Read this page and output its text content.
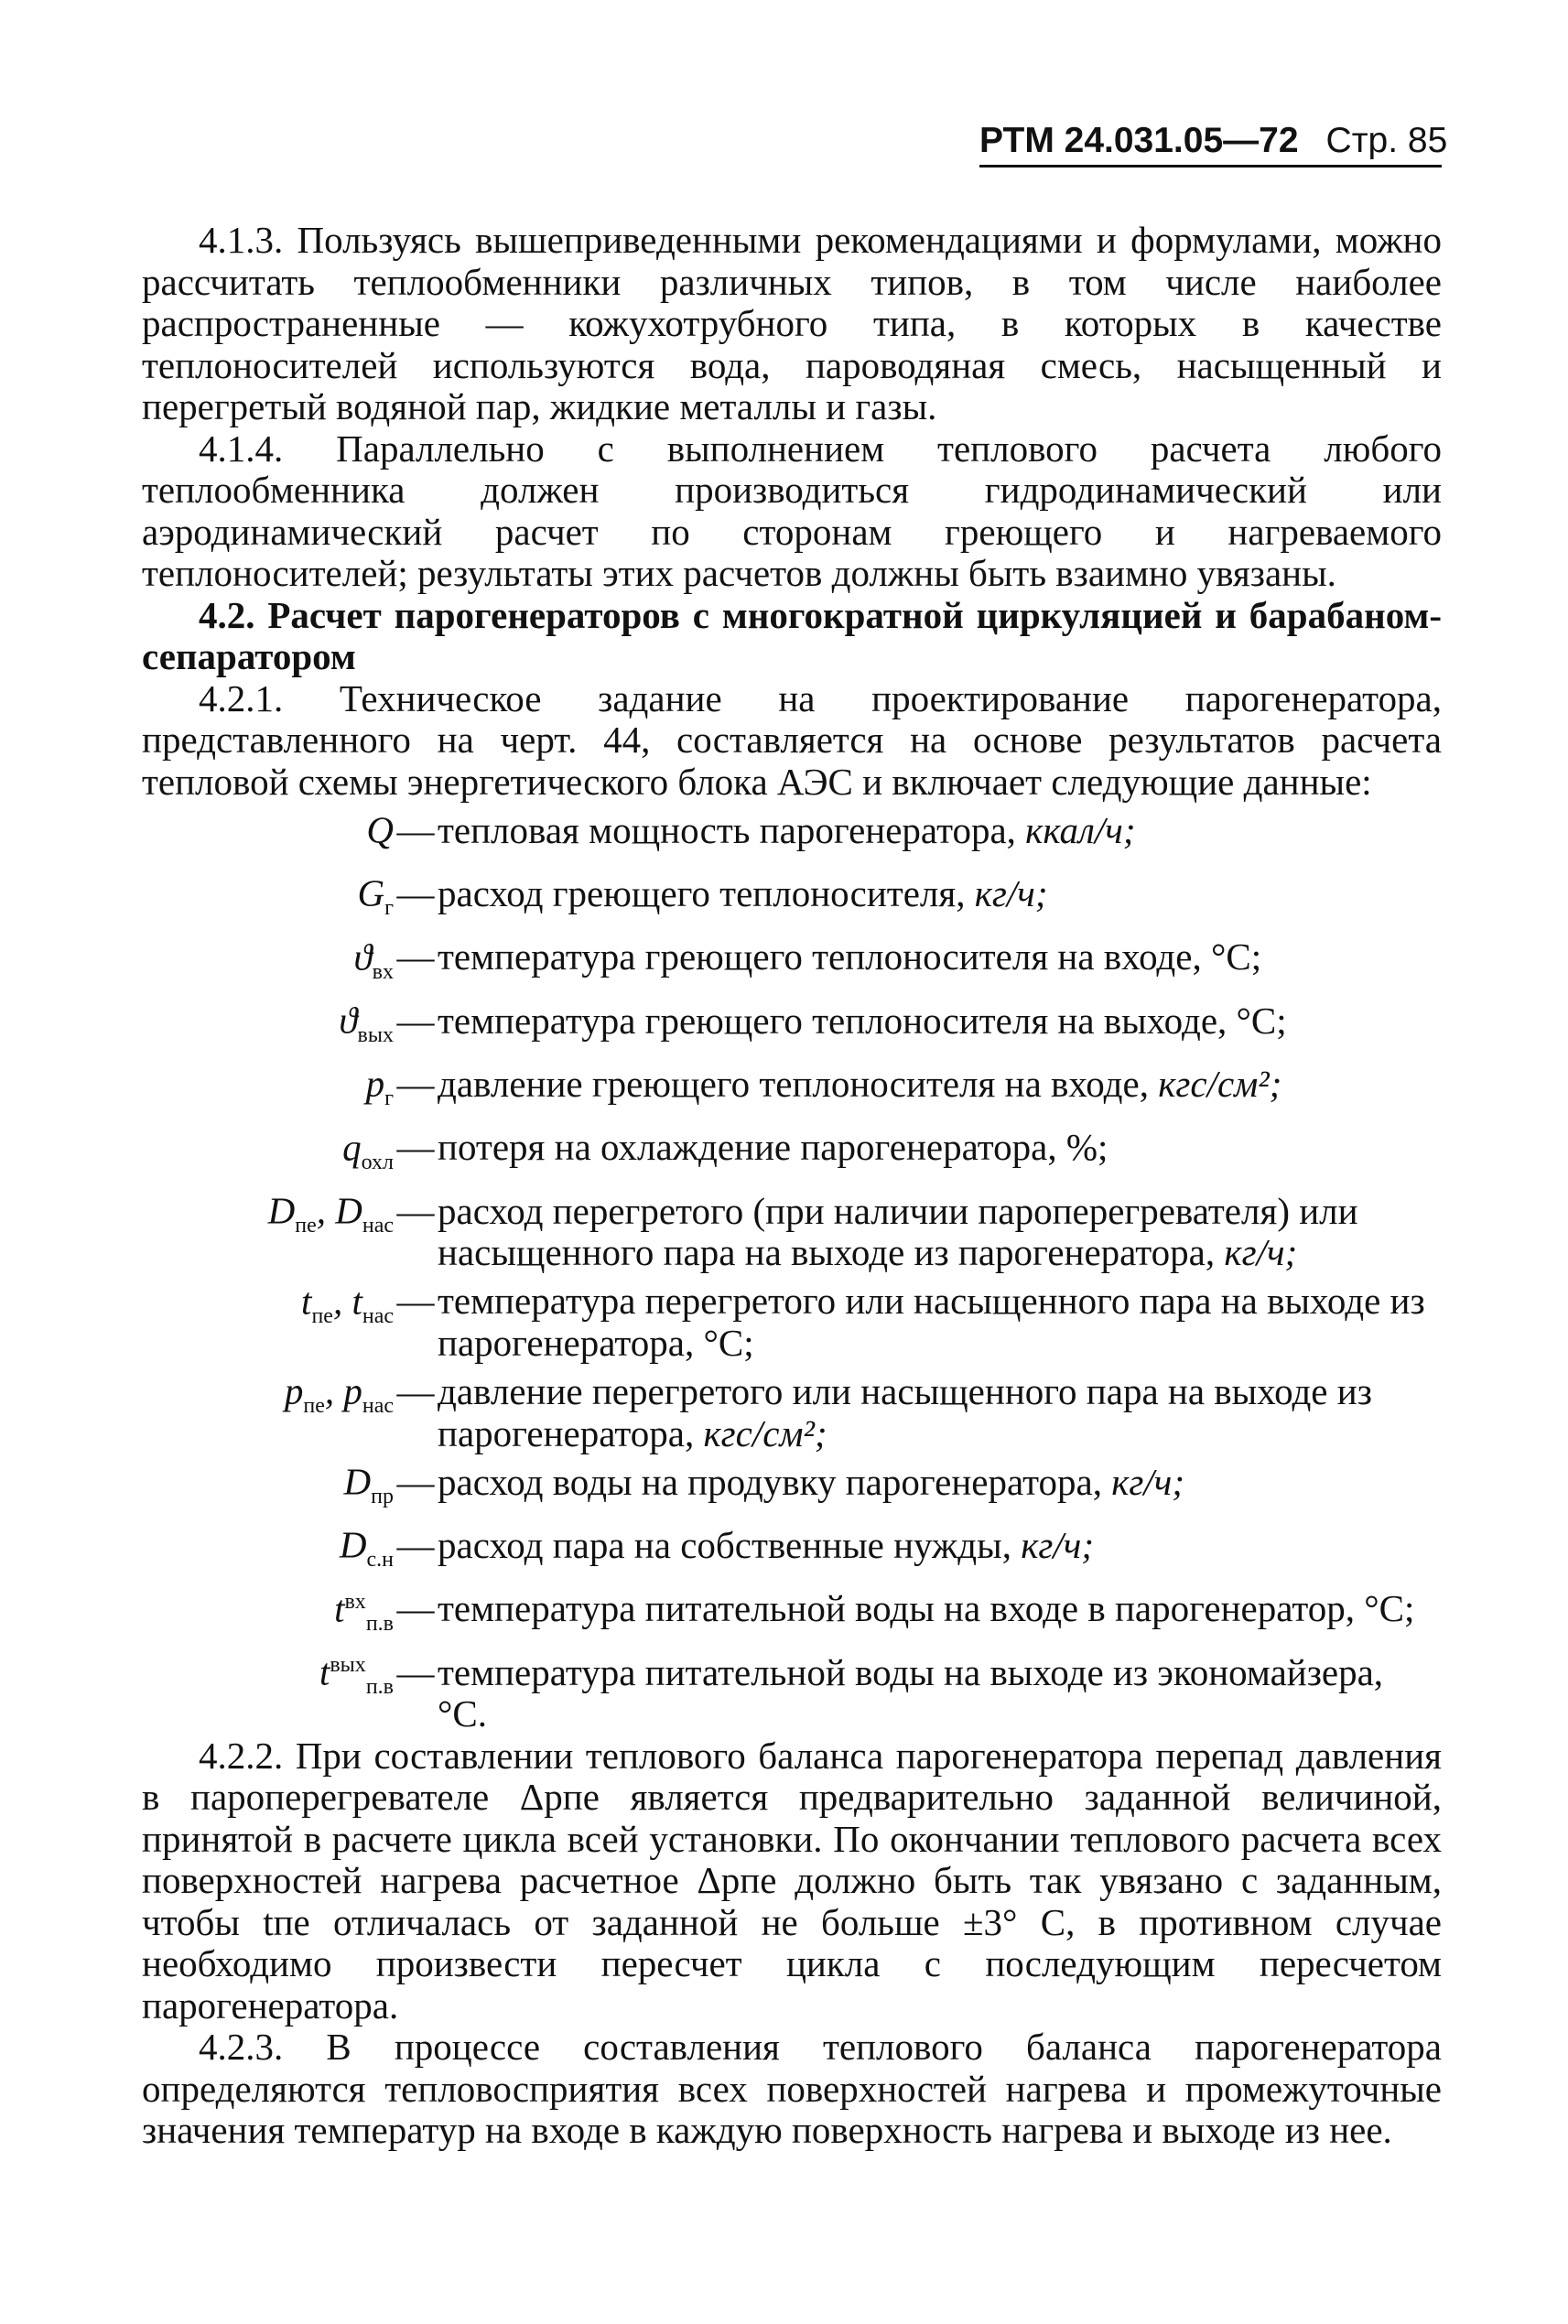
РТМ 24.031.05—72 Стр. 85

4.1.3. Пользуясь вышеприведенными рекомендациями и формулами, можно рассчитать теплообменники различных типов, в том числе наиболее распространенные — кожухотрубного типа, в которых в качестве теплоносителей используются вода, пароводяная смесь, насыщенный и перегретый водяной пар, жидкие металлы и газы.

4.1.4. Параллельно с выполнением теплового расчета любого теплообменника должен производиться гидродинамический или аэродинамический расчет по сторонам греющего и нагреваемого теплоносителей; результаты этих расчетов должны быть взаимно увязаны.

4.2. Расчет парогенераторов с многократной циркуляцией и барабаном-сепаратором

4.2.1. Техническое задание на проектирование парогенератора, представленного на черт. 44, составляется на основе результатов расчета тепловой схемы энергетического блока АЭС и включает следующие данные:

Q — тепловая мощность парогенератора, ккал/ч;
$G_г$ — расход греющего теплоносителя, кг/ч;
$ϑ_{вх}$ — температура греющего теплоносителя на входе, °С;
$ϑ_{вых}$ — температура греющего теплоносителя на выходе, °С;
$p_г$ — давление греющего теплоносителя на входе, кгс/см²;
$q_{охл}$ — потеря на охлаждение парогенератора, %;
$D_{пе}$, $D_{нас}$ — расход перегретого (при наличии пароперегревателя) или насыщенного пара на выходе из парогенератора, кг/ч;
$t_{пе}$, $t_{нас}$ — температура перегретого или насыщенного пара на выходе из парогенератора, °С;
$p_{пе}$, $p_{нас}$ — давление перегретого или насыщенного пара на выходе из парогенератора, кгс/см²;
$D_{пр}$ — расход воды на продувку парогенератора, кг/ч;
$D_{с.н}$ — расход пара на собственные нужды, кг/ч;
$t^{вх}_{п.в}$ — температура питательной воды на входе в парогенератор, °С;
$t^{вых}_{п.в}$ — температура питательной воды на выходе из экономайзера, °С.

4.2.2. При составлении теплового баланса парогенератора перепад давления в пароперегревателе Δpпе является предварительно заданной величиной, принятой в расчете цикла всей установки. По окончании теплового расчета всех поверхностей нагрева расчетное Δpпе должно быть так увязано с заданным, чтобы tпе отличалась от заданной не больше ±3° С, в противном случае необходимо произвести пересчет цикла с последующим пересчетом парогенератора.

4.2.3. В процессе составления теплового баланса парогенератора определяются тепловосприятия всех поверхностей нагрева и промежуточные значения температур на входе в каждую поверхность нагрева и выходе из нее.
